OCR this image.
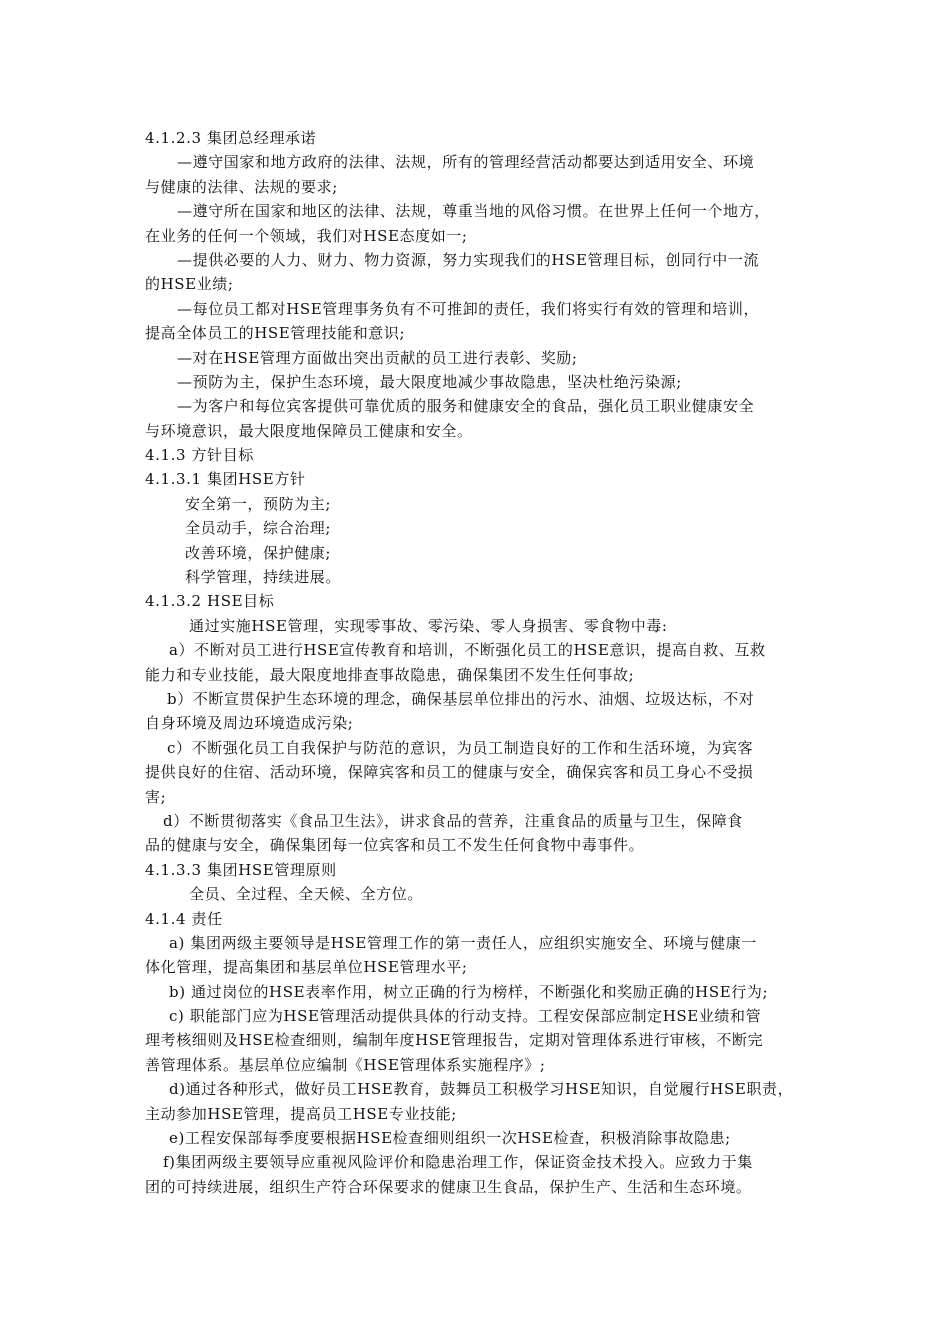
4.1.2.3 集团总经理承诺
—遵守国家和地方政府的法律、法规，所有的管理经营活动都要达到适用安全、环境
与健康的法律、法规的要求;
—遵守所在国家和地区的法律、法规，尊重当地的风俗习惯。在世界上任何一个地方，
在业务的任何一个领域，我们对HSE态度如一;
—提供必要的人力、财力、物力资源，努力实现我们的HSE管理目标，创同行中一流
的HSE业绩;
—每位员工都对HSE管理事务负有不可推卸的责任，我们将实行有效的管理和培训，
提高全体员工的HSE管理技能和意识;
—对在HSE管理方面做出突出贡献的员工进行表彰、奖励;
—预防为主，保护生态环境，最大限度地减少事故隐患，坚决杜绝污染源;
—为客户和每位宾客提供可靠优质的服务和健康安全的食品，强化员工职业健康安全
与环境意识，最大限度地保障员工健康和安全。
4.1.3 方针目标
4.1.3.1 集团HSE方针
安全第一，预防为主;
全员动手，综合治理;
改善环境，保护健康;
科学管理，持续进展。
4.1.3.2 HSE目标
通过实施HSE管理，实现零事故、零污染、零人身损害、零食物中毒:
a）不断对员工进行HSE宣传教育和培训，不断强化员工的HSE意识，提高自救、互救
能力和专业技能，最大限度地排查事故隐患，确保集团不发生任何事故;
b）不断宣贯保护生态环境的理念，确保基层单位排出的污水、油烟、垃圾达标，不对
自身环境及周边环境造成污染;
c）不断强化员工自我保护与防范的意识，为员工制造良好的工作和生活环境，为宾客
提供良好的住宿、活动环境，保障宾客和员工的健康与安全，确保宾客和员工身心不受损
害;
d）不断贯彻落实《食品卫生法》，讲求食品的营养，注重食品的质量与卫生，保障食
品的健康与安全，确保集团每一位宾客和员工不发生任何食物中毒事件。
4.1.3.3 集团HSE管理原则
全员、全过程、全天候、全方位。
4.1.4 责任
a) 集团两级主要领导是HSE管理工作的第一责任人，应组织实施安全、环境与健康一
体化管理，提高集团和基层单位HSE管理水平;
b) 通过岗位的HSE表率作用，树立正确的行为榜样，不断强化和奖励正确的HSE行为;
c) 职能部门应为HSE管理活动提供具体的行动支持。工程安保部应制定HSE业绩和管
理考核细则及HSE检查细则，编制年度HSE管理报告，定期对管理体系进行审核，不断完
善管理体系。基层单位应编制《HSE管理体系实施程序》;
d)通过各种形式，做好员工HSE教育，鼓舞员工积极学习HSE知识，自觉履行HSE职责，
主动参加HSE管理，提高员工HSE专业技能;
e)工程安保部每季度要根据HSE检查细则组织一次HSE检查，积极消除事故隐患;
f)集团两级主要领导应重视风险评价和隐患治理工作，保证资金技术投入。应致力于集
团的可持续进展，组织生产符合环保要求的健康卫生食品，保护生产、生活和生态环境。
